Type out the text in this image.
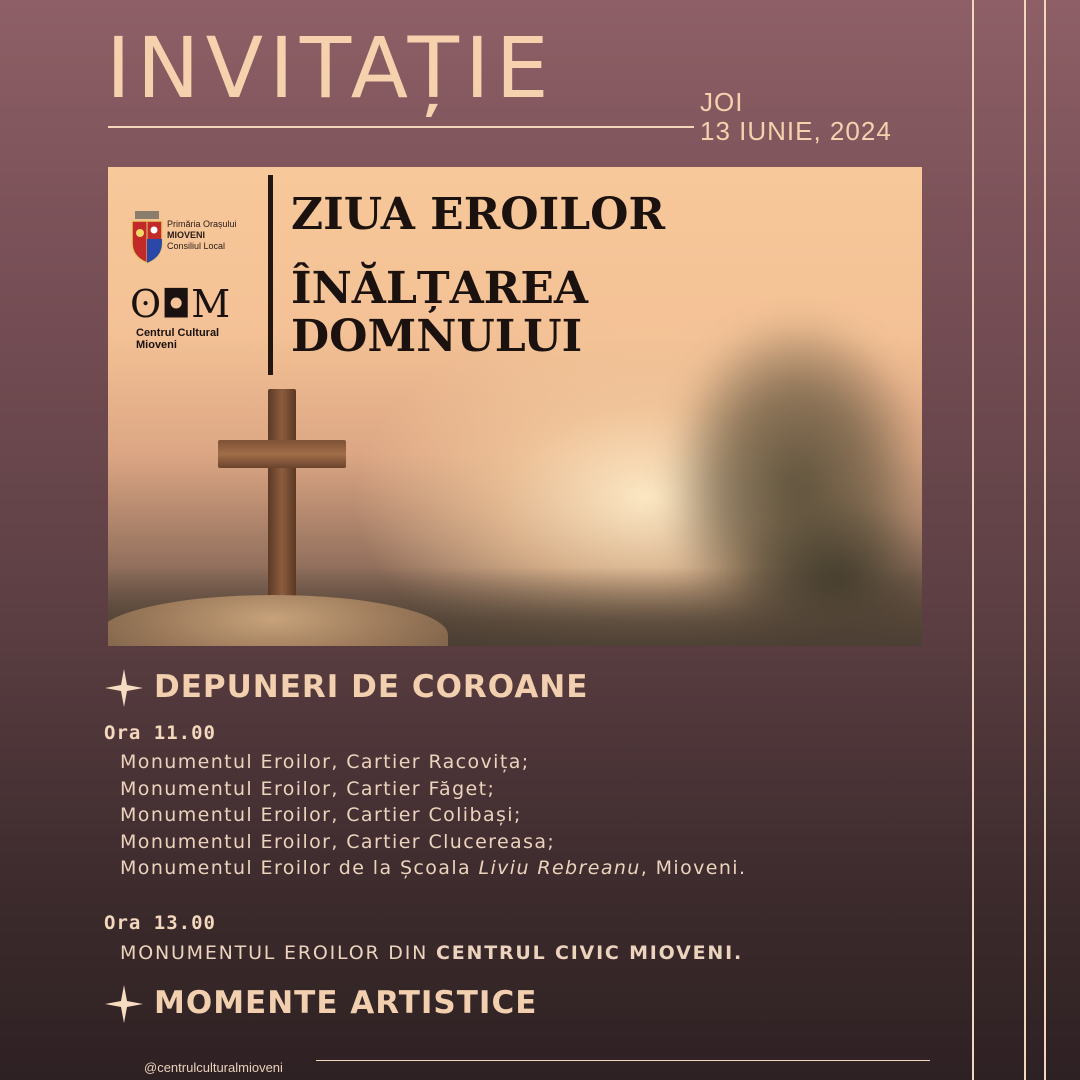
INVITAȚIE	JOI
13 IUNIE, 2024
Primăria Orașului
MIOVENI
Consiliul Local
ʘ◘M
Centrul Cultural
Mioveni
ZIUA EROILOR
ÎNĂLȚAREA
DOMNULUI
DEPUNERI DE COROANE
Ora 11.00
Monumentul Eroilor, Cartier Racovița;
Monumentul Eroilor, Cartier Făget;
Monumentul Eroilor, Cartier Colibași;
Monumentul Eroilor, Cartier Clucereasa;
Monumentul Eroilor de la Școala Liviu Rebreanu, Mioveni.
Ora 13.00
MONUMENTUL EROILOR DIN CENTRUL CIVIC MIOVENI.
MOMENTE ARTISTICE
@centrulculturalmioveni
